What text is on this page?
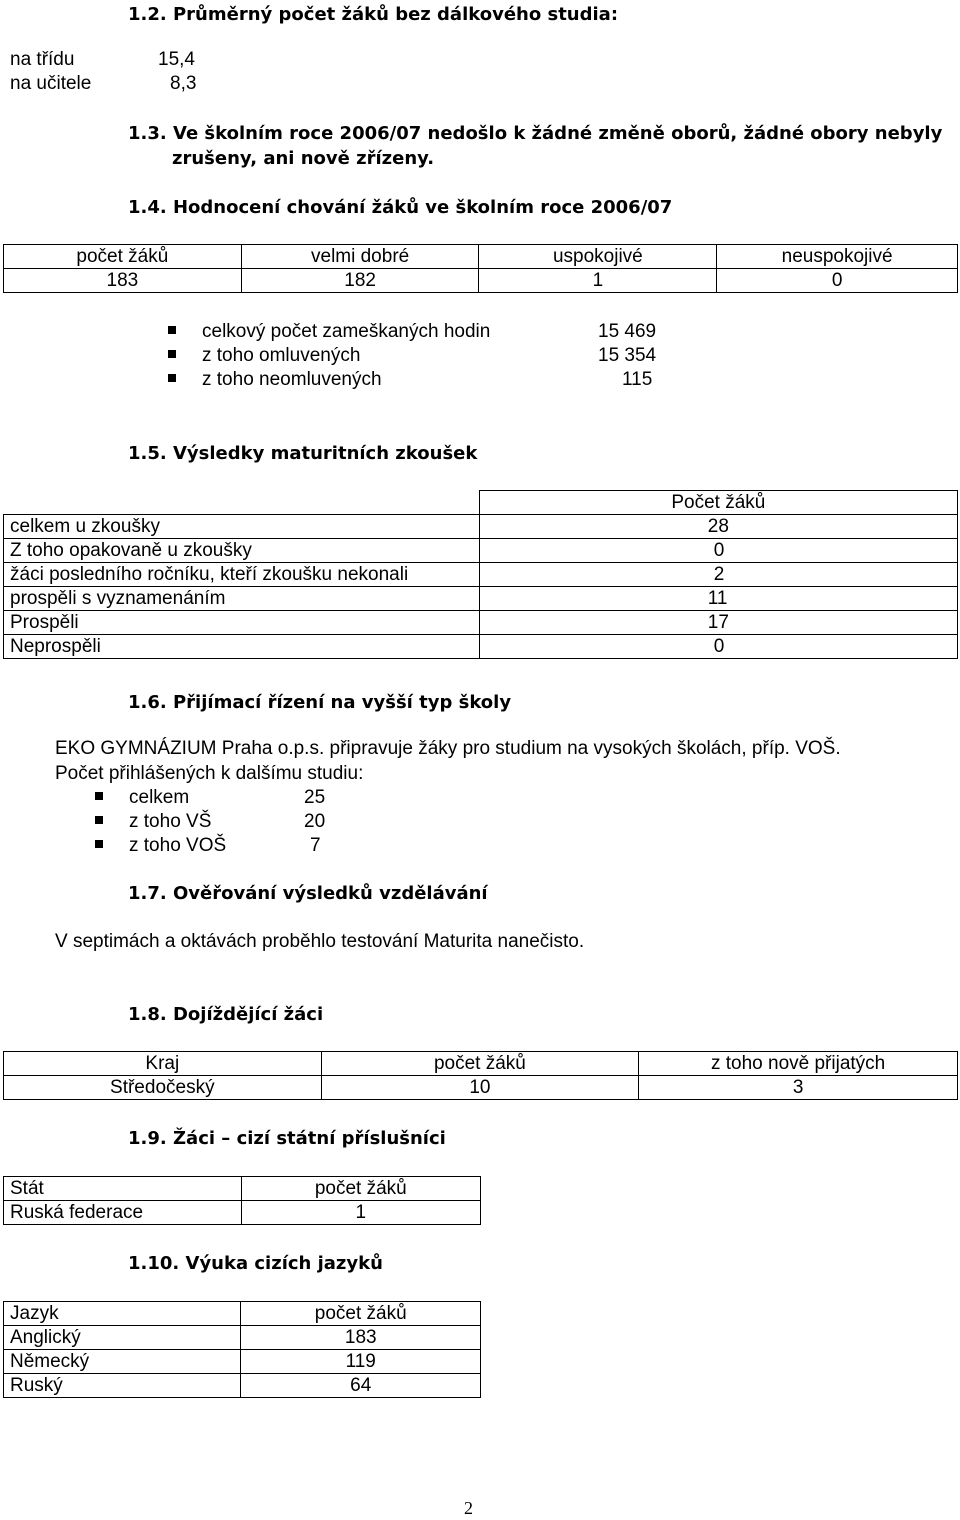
1.2. Průměrný počet žáků bez dálkového studia:
na třídu	15,4
na učitele	8,3
1.3. Ve školním roce 2006/07 nedošlo k žádné změně oborů, žádné obory nebyly
zrušeny, ani nově zřízeny.
1.4. Hodnocení chování žáků ve školním roce 2006/07
počet žáků	velmi dobré	uspokojivé	neuspokojivé
183	182	1	0
celkový počet zameškaných hodin	15 469
z toho omluvených	15 354
z toho neomluvených	115
1.5. Výsledky maturitních zkoušek
	Počet žáků
celkem u zkoušky	28
Z toho opakovaně u zkoušky	0
žáci posledního ročníku, kteří zkoušku nekonali	2
prospěli s vyznamenáním	11
Prospěli	17
Neprospěli	0
1.6. Přijímací řízení na vyšší typ školy
EKO GYMNÁZIUM Praha o.p.s. připravuje žáky pro studium na vysokých školách, příp. VOŠ.
Počet přihlášených k dalšímu studiu:
celkem	25
z toho VŠ	20
z toho VOŠ	7
1.7. Ověřování výsledků vzdělávání
V septimách a oktávách proběhlo testování Maturita nanečisto.
1.8. Dojíždějící žáci
Kraj	počet žáků	z toho nově přijatých
Středočeský	10	3
1.9. Žáci – cizí státní příslušníci
Stát	počet žáků
Ruská federace	1
1.10. Výuka cizích jazyků
Jazyk	počet žáků
Anglický	183
Německý	119
Ruský	64
2
